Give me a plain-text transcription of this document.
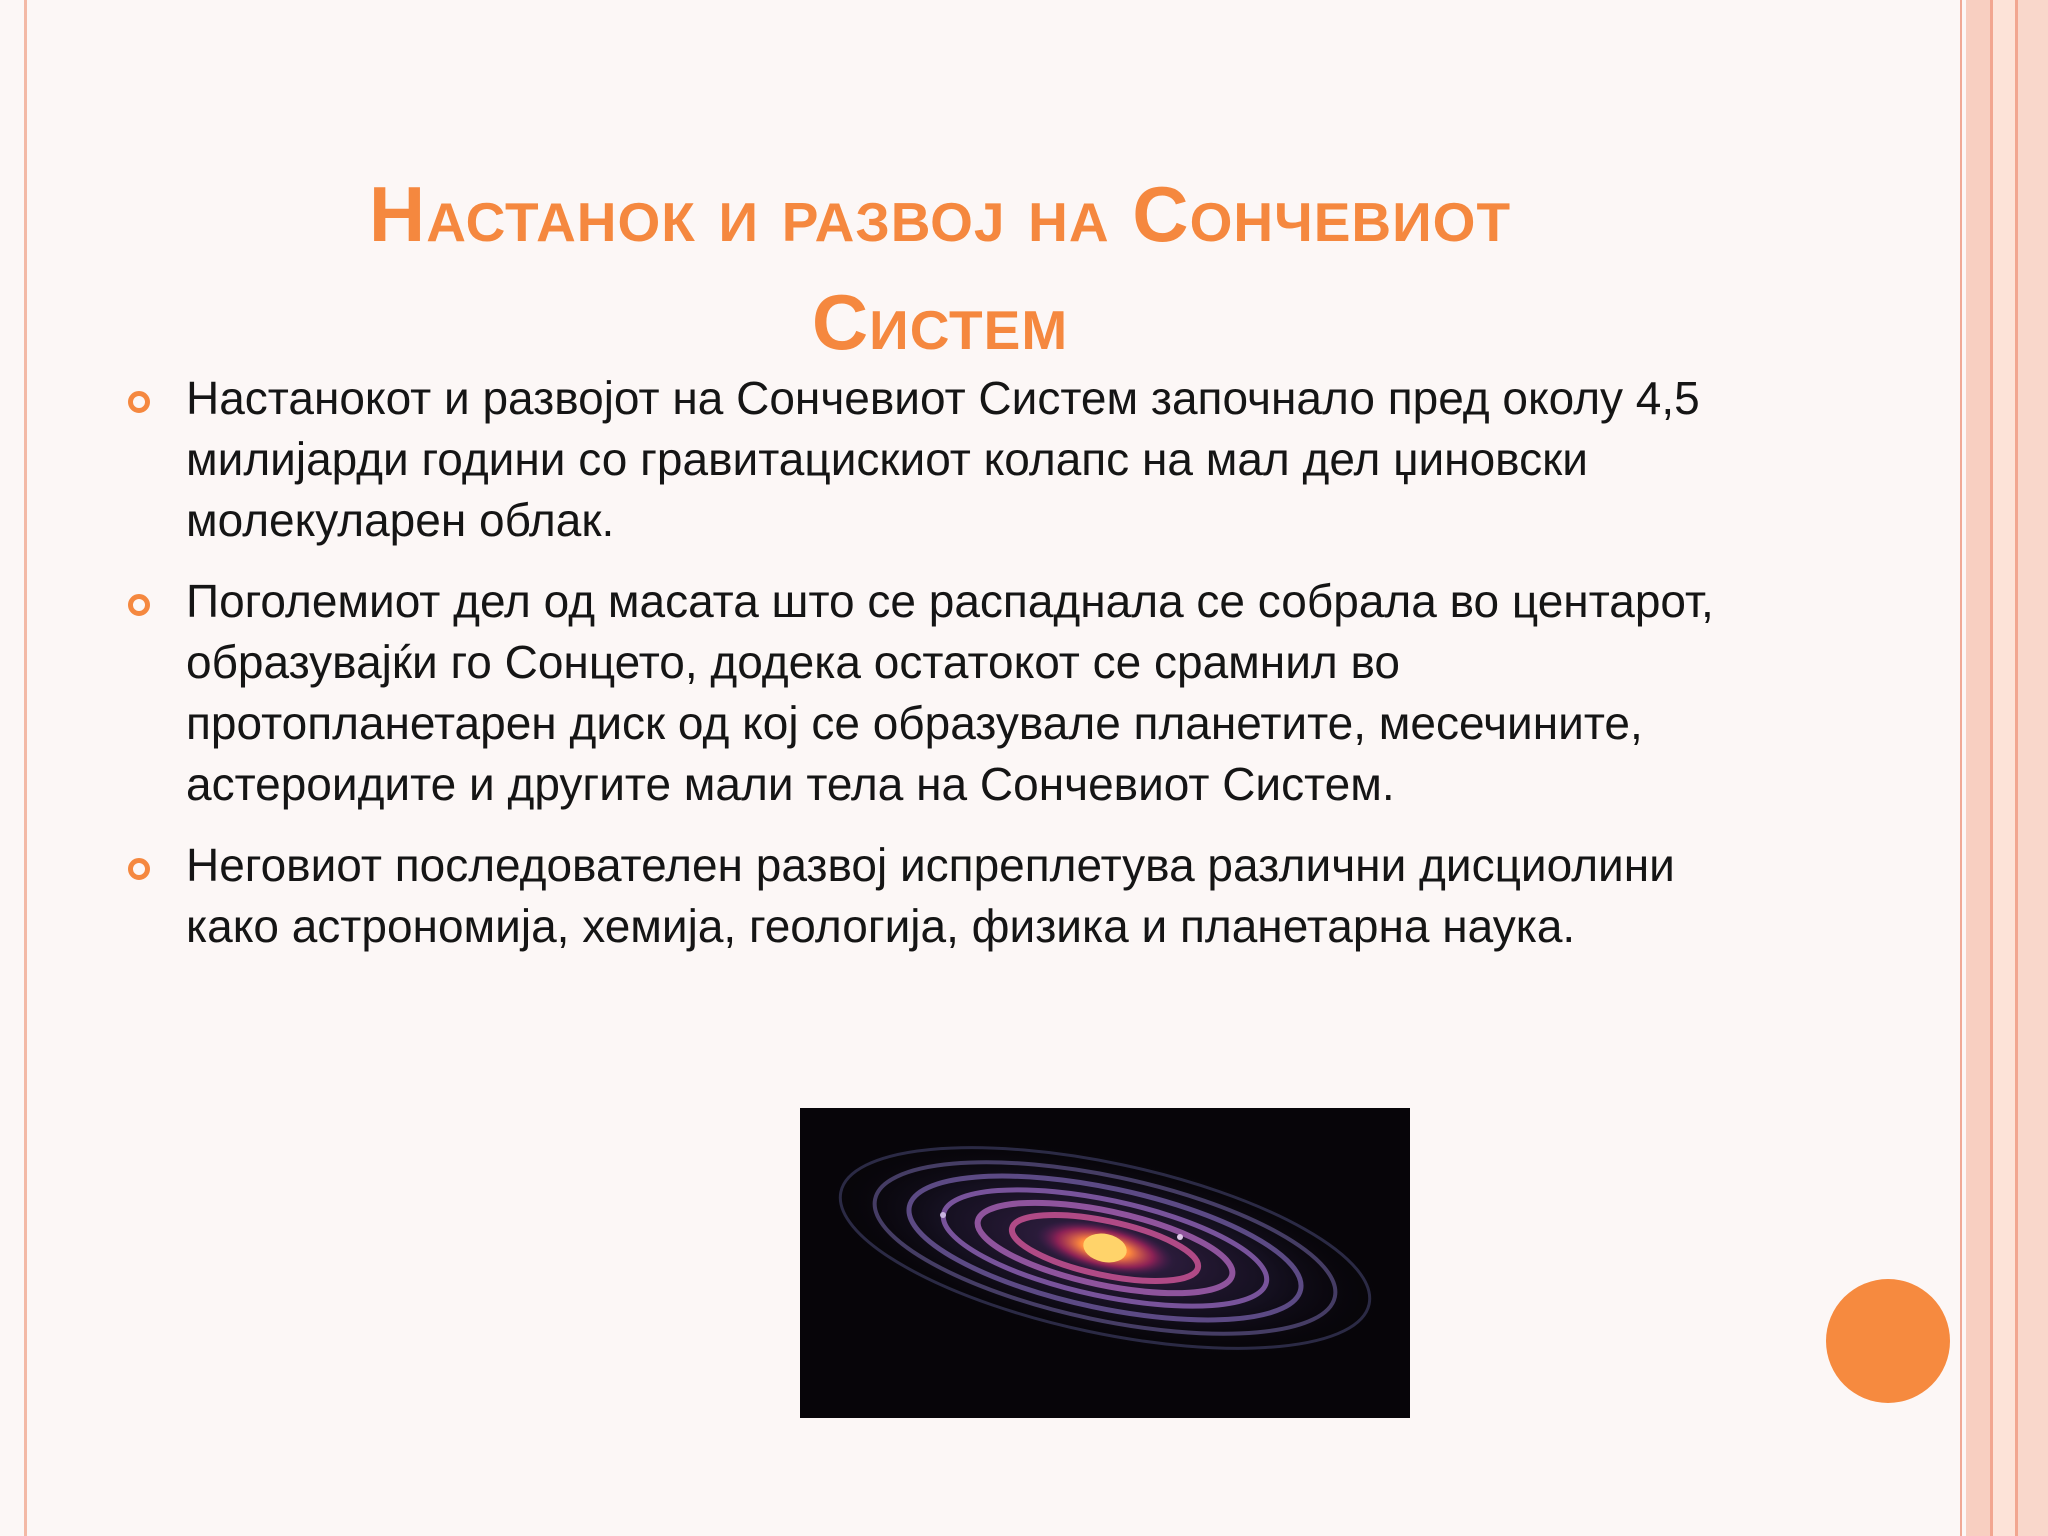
Настанок и развој на Сончевиот
Систем
Настанокот и развојот на Сончевиот Систем започнало пред околу 4,5 милијарди години со гравитацискиот колапс на мал дел џиновски молекуларен облак.
Поголемиот дел од масата што се распаднала се собрала во центарот, образувајќи го Сонцето, додека остатокот се срамнил во протопланетарен диск од кој се образувале планетите, месечините, астероидите и другите мали тела на Сончевиот Систем.
Неговиот последователен развој испреплетува различни дисциолини како астрономија, хемија, геологија, физика и планетарна наука.
